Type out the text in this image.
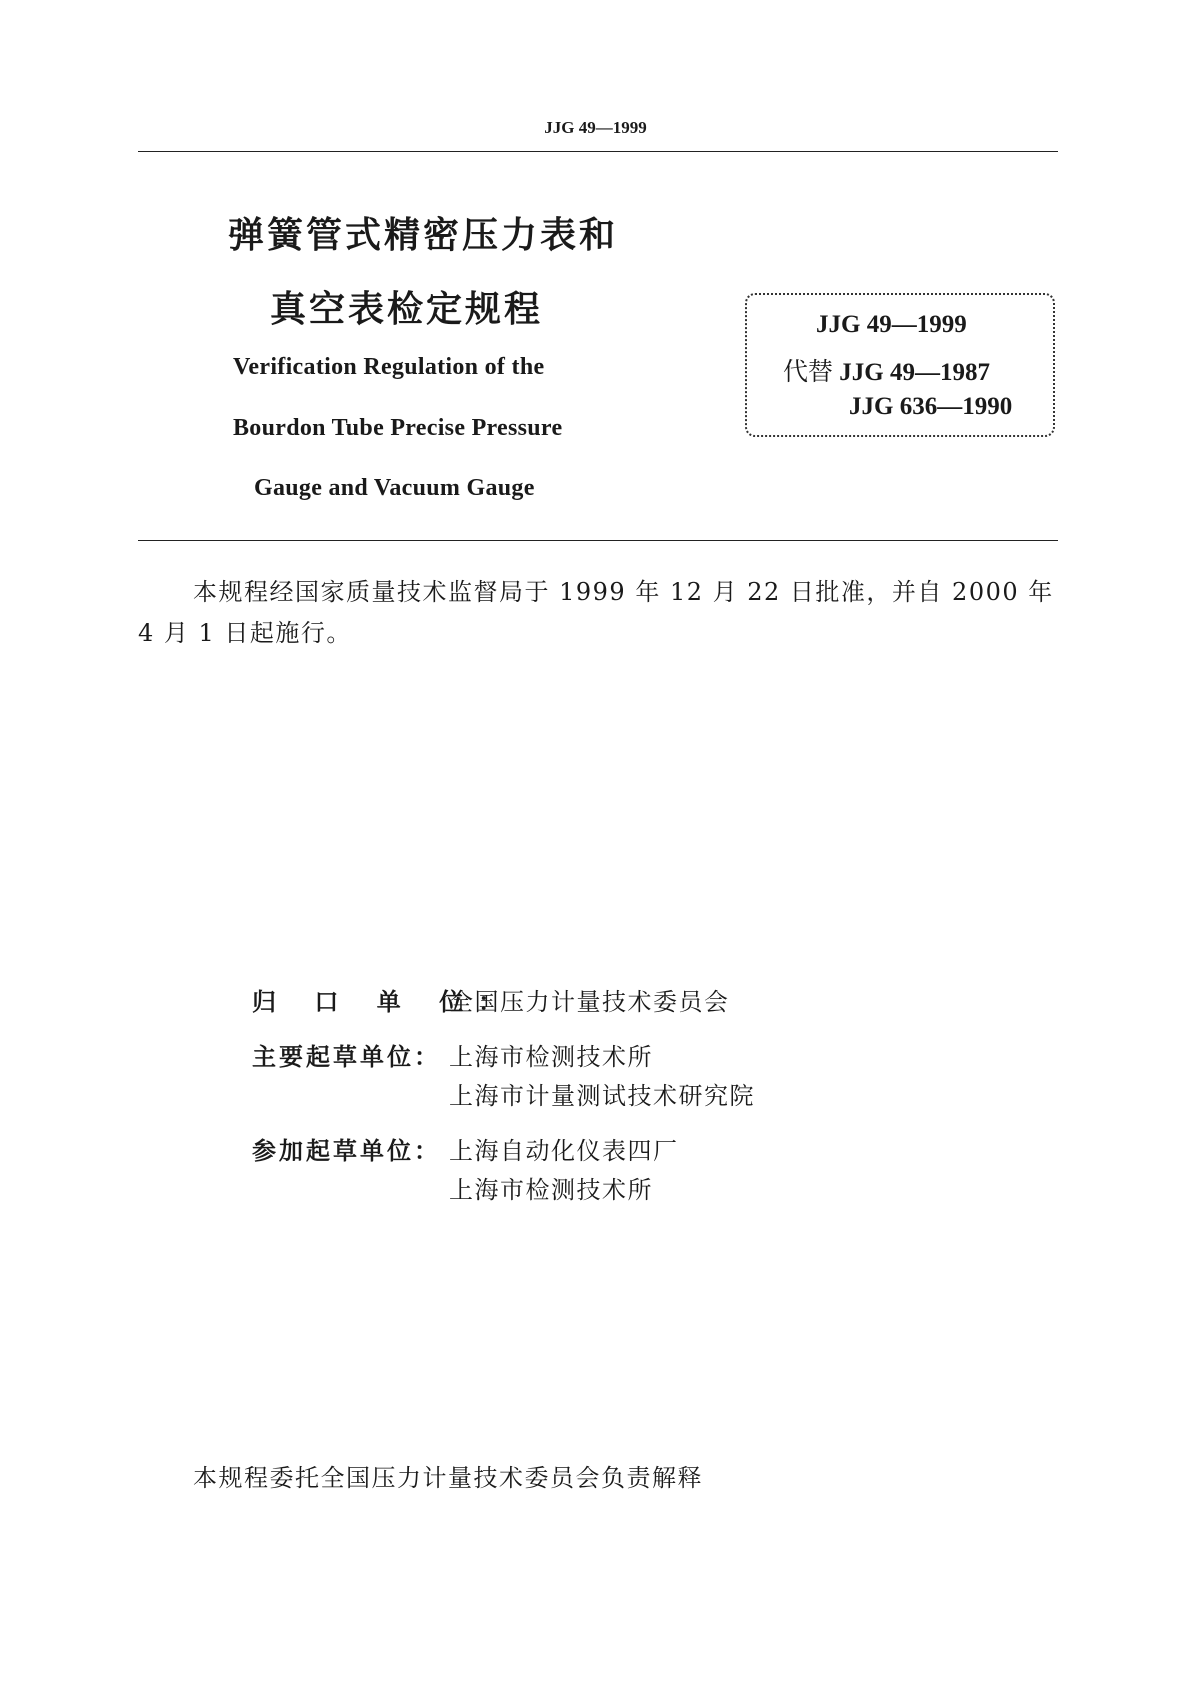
JJG 49—1999
弹簧管式精密压力表和
真空表检定规程
Verification Regulation of the
Bourdon Tube Precise Pressure
Gauge and Vacuum Gauge
JJG 49—1999
代替 JJG 49—1987
JJG 636—1990
本规程经国家质量技术监督局于 1999 年 12 月 22 日批准，并自 2000 年
4 月 1 日起施行。
归 口 单 位：
全国压力计量技术委员会
主要起草单位： 上海市检测技术所
上海市计量测试技术研究院
参加起草单位： 上海自动化仪表四厂
上海市检测技术所
本规程委托全国压力计量技术委员会负责解释
